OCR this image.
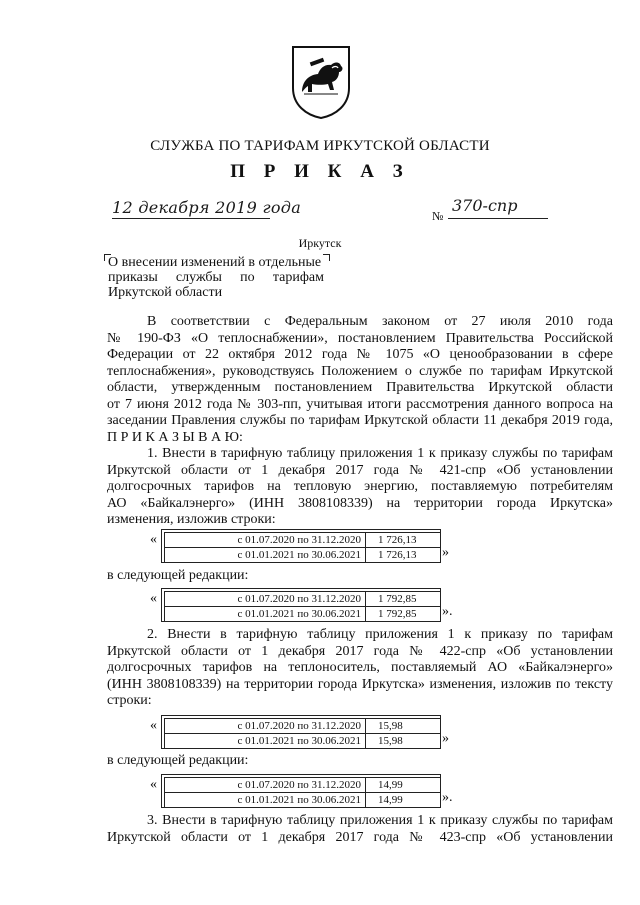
СЛУЖБА ПО ТАРИФАМ ИРКУТСКОЙ ОБЛАСТИ
П Р И К А З
12 декабря 2019 года	№
370-спр
Иркутск
О внесении изменений в отдельные
приказы службы по тарифам
Иркутской области
В соответствии с Федеральным законом от 27 июля 2010 года
№ 190-ФЗ «О теплоснабжении», постановлением Правительства Российской
Федерации от 22 октября 2012 года № 1075 «О ценообразовании в сфере
теплоснабжения», руководствуясь Положением о службе по тарифам Иркутской
области, утвержденным постановлением Правительства Иркутской области
от 7 июня 2012 года № 303-пп, учитывая итоги рассмотрения данного вопроса на
заседании Правления службы по тарифам Иркутской области 11 декабря 2019 года,
П Р И К А З Ы В А Ю:
1. Внести в тарифную таблицу приложения 1 к приказу службы по тарифам
Иркутской области от 1 декабря 2017 года № 421-спр «Об установлении
долгосрочных тарифов на тепловую энергию, поставляемую потребителям
АО «Байкалэнерго» (ИНН 3808108339) на территории города Иркутска»
изменения, изложив строки:
«	с 01.07.2020 по 31.12.2020	1 726,13
с 01.01.2021 по 30.06.2021	1 726,13 »
в следующей редакции:
«	с 01.07.2020 по 31.12.2020	1 792,85
с 01.01.2021 по 30.06.2021	1 792,85 ».
2. Внести в тарифную таблицу приложения 1 к приказу по тарифам
Иркутской области от 1 декабря 2017 года № 422-спр «Об установлении
долгосрочных тарифов на теплоноситель, поставляемый АО «Байкалэнерго»
(ИНН 3808108339) на территории города Иркутска» изменения, изложив по тексту
строки:
«	с 01.07.2020 по 31.12.2020	15,98
с 01.01.2021 по 30.06.2021	15,98	»
в следующей редакции:
«	с 01.07.2020 по 31.12.2020	14,99
с 01.01.2021 по 30.06.2021	14,99	».
3. Внести в тарифную таблицу приложения 1 к приказу службы по тарифам
Иркутской области от 1 декабря 2017 года № 423-спр «Об установлении
